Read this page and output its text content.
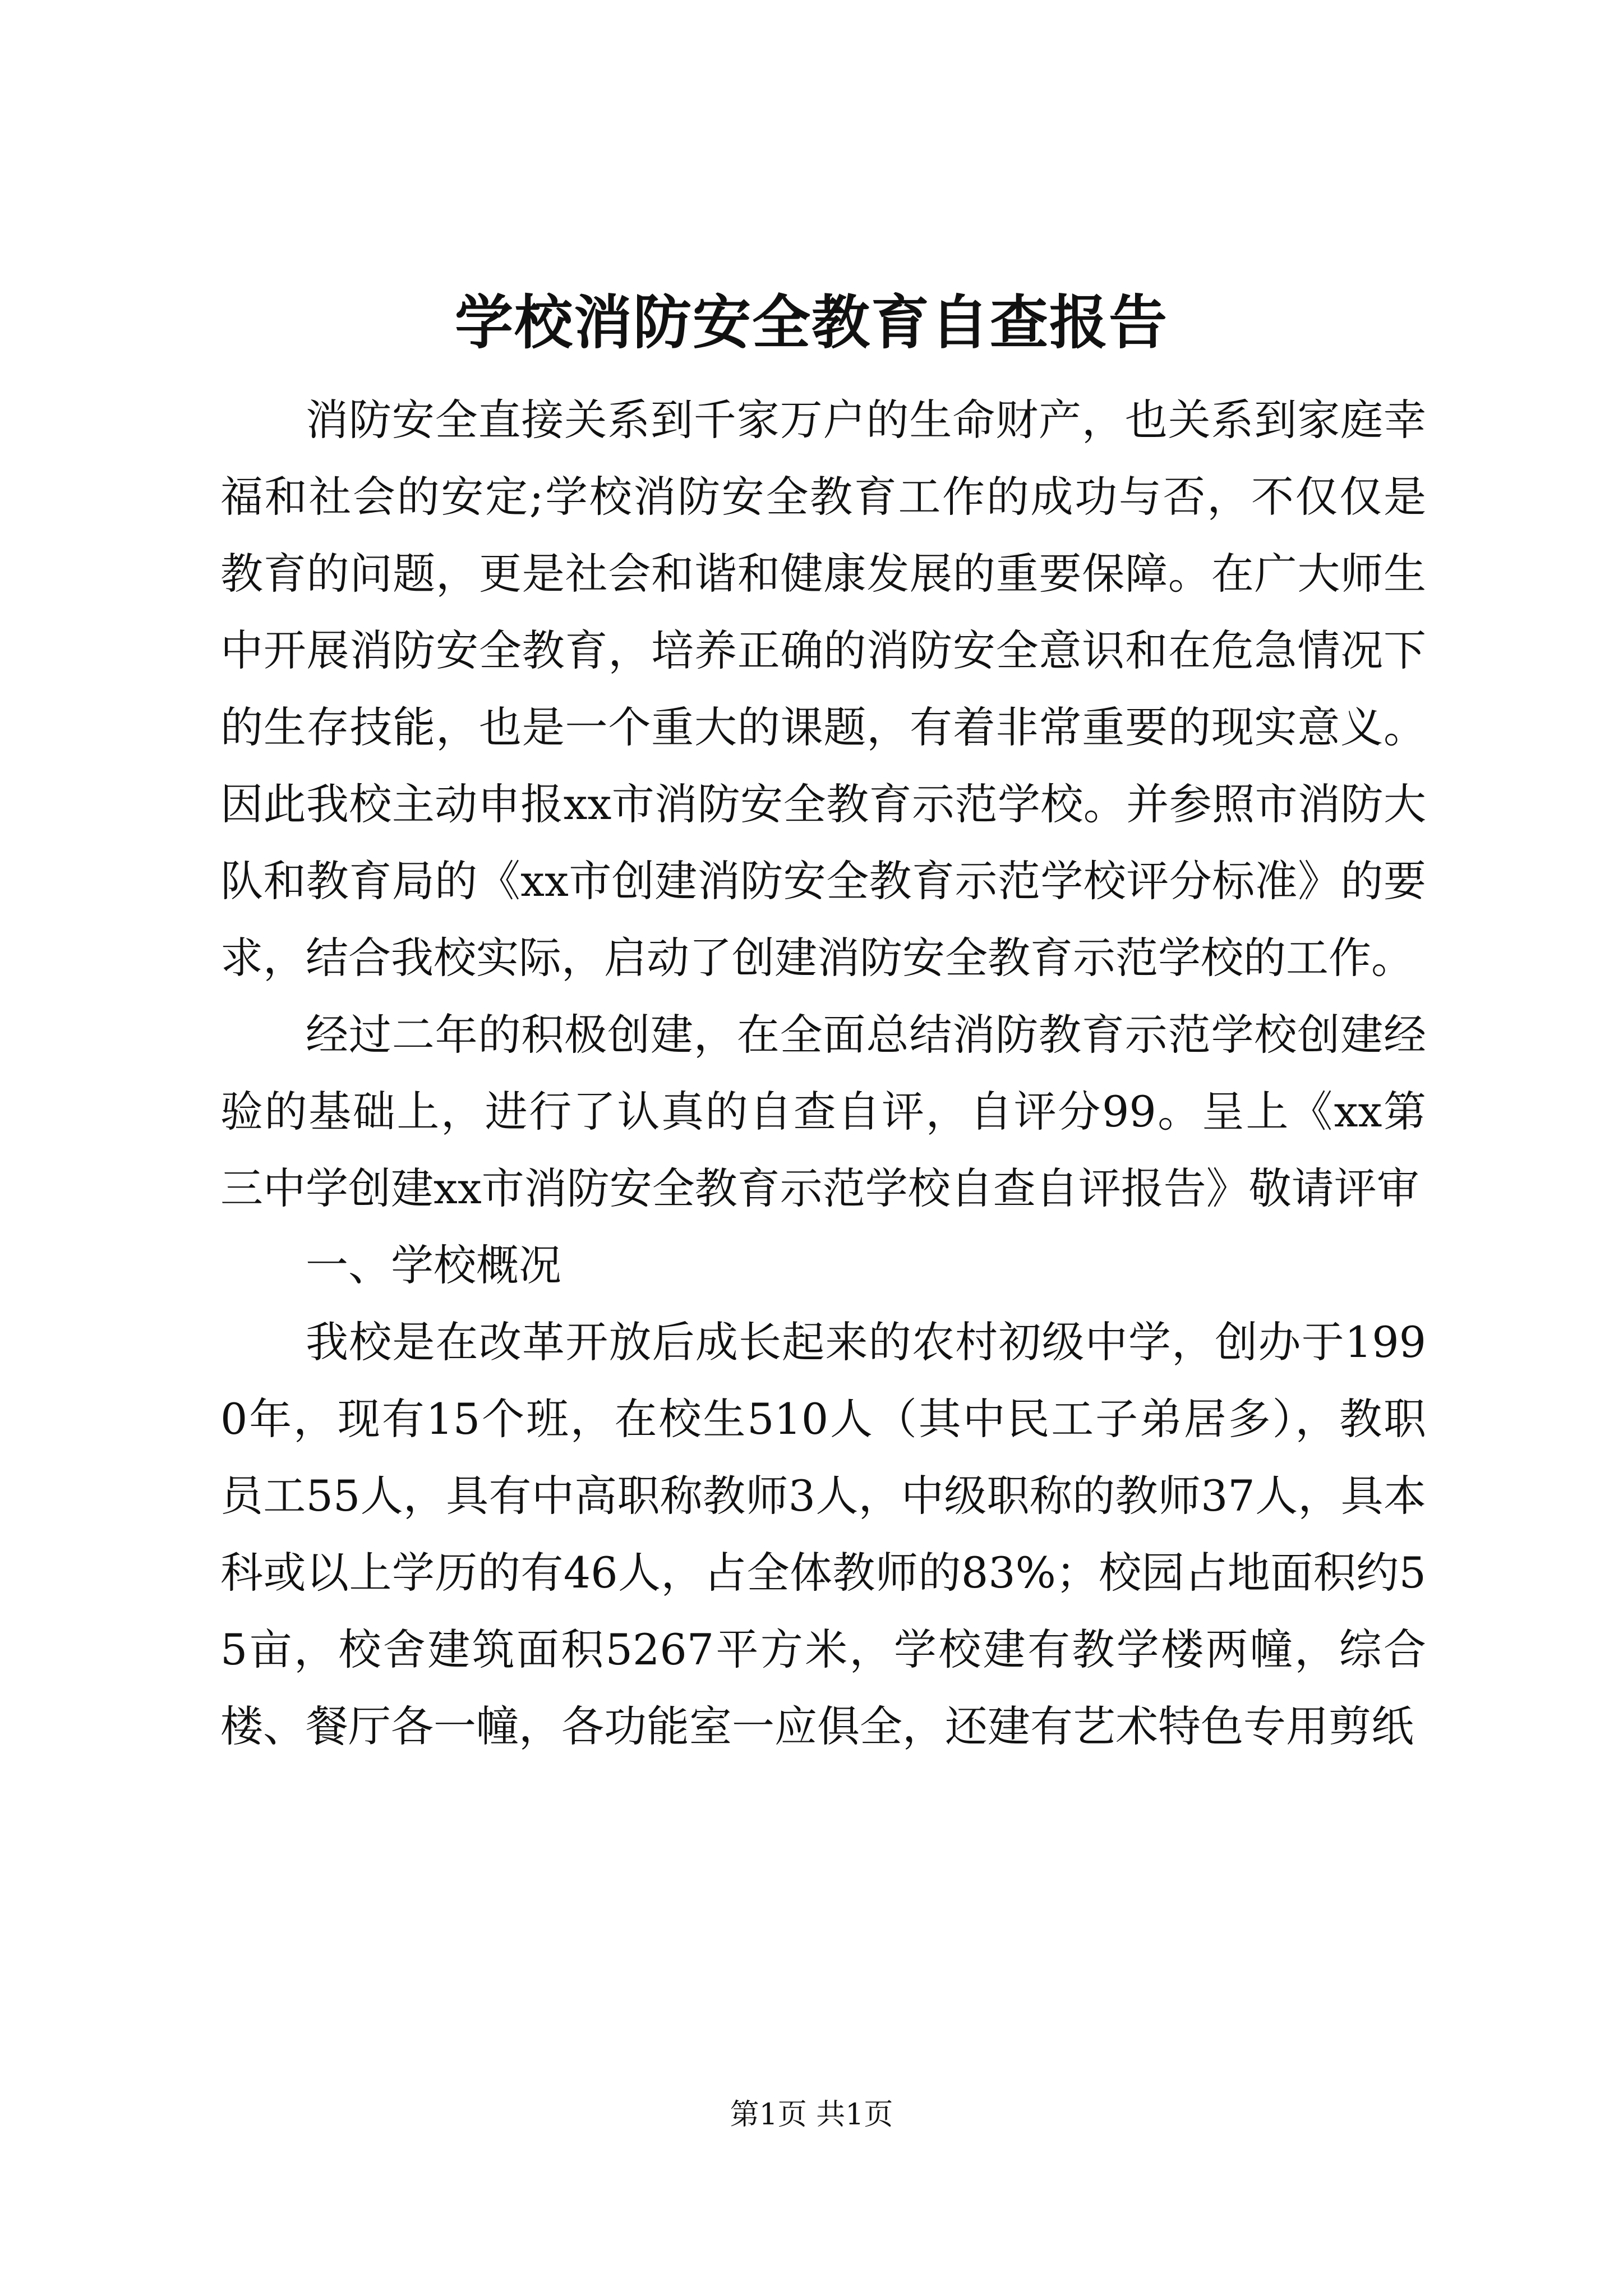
学校消防安全教育自查报告

消防安全直接关系到千家万户的生命财产，也关系到家庭幸福和社会的安定;学校消防安全教育工作的成功与否，不仅仅是教育的问题，更是社会和谐和健康发展的重要保障。在广大师生中开展消防安全教育，培养正确的消防安全意识和在危急情况下的生存技能，也是一个重大的课题，有着非常重要的现实意义。因此我校主动申报xx市消防安全教育示范学校。并参照市消防大队和教育局的《xx市创建消防安全教育示范学校评分标准》的要求，结合我校实际，启动了创建消防安全教育示范学校的工作。

经过二年的积极创建，在全面总结消防教育示范学校创建经验的基础上，进行了认真的自查自评，自评分99。呈上《xx第三中学创建xx市消防安全教育示范学校自查自评报告》敬请评审

一、学校概况

我校是在改革开放后成长起来的农村初级中学，创办于1990年，现有15个班，在校生510人（其中民工子弟居多），教职员工55人，具有中高职称教师3人，中级职称的教师37人，具本科或以上学历的有46人，占全体教师的83%；校园占地面积约55亩，校舍建筑面积5267平方米，学校建有教学楼两幢，综合楼、餐厅各一幢，各功能室一应俱全，还建有艺术特色专用剪纸

第1页 共1页
